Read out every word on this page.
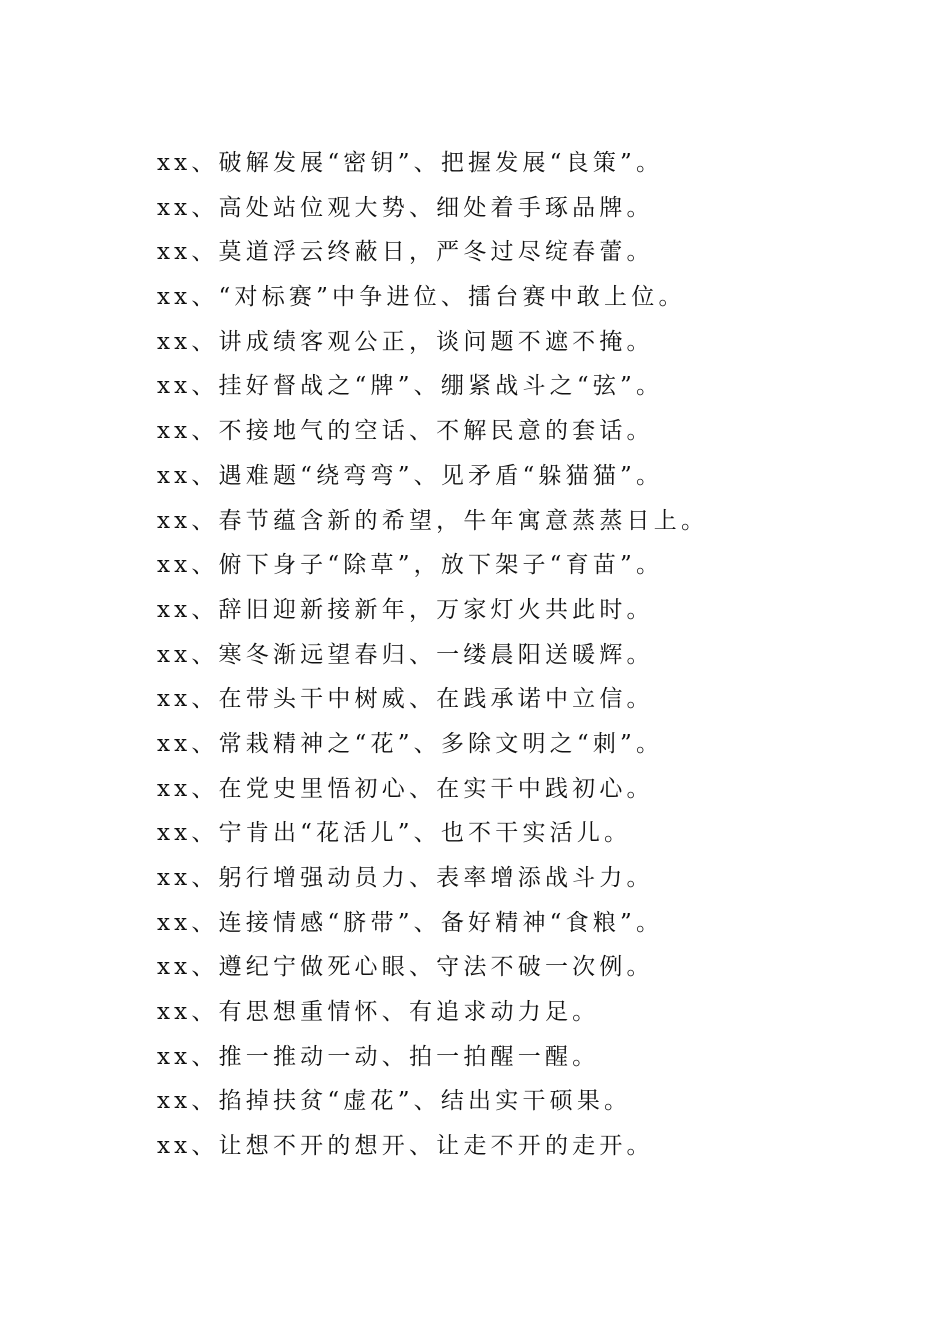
xx、破解发展“密钥”、把握发展“良策”。
xx、高处站位观大势、细处着手琢品牌。
xx、莫道浮云终蔽日，严冬过尽绽春蕾。
xx、“对标赛”中争进位、擂台赛中敢上位。
xx、讲成绩客观公正，谈问题不遮不掩。
xx、挂好督战之“牌”、绷紧战斗之“弦”。
xx、不接地气的空话、不解民意的套话。
xx、遇难题“绕弯弯”、见矛盾“躲猫猫”。
xx、春节蕴含新的希望，牛年寓意蒸蒸日上。
xx、俯下身子“除草”，放下架子“育苗”。
xx、辞旧迎新接新年，万家灯火共此时。
xx、寒冬渐远望春归、一缕晨阳送暖辉。
xx、在带头干中树威、在践承诺中立信。
xx、常栽精神之“花”、多除文明之“刺”。
xx、在党史里悟初心、在实干中践初心。
xx、宁肯出“花活儿”、也不干实活儿。
xx、躬行增强动员力、表率增添战斗力。
xx、连接情感“脐带”、备好精神“食粮”。
xx、遵纪宁做死心眼、守法不破一次例。
xx、有思想重情怀、有追求动力足。
xx、推一推动一动、拍一拍醒一醒。
xx、掐掉扶贫“虚花”、结出实干硕果。
xx、让想不开的想开、让走不开的走开。
